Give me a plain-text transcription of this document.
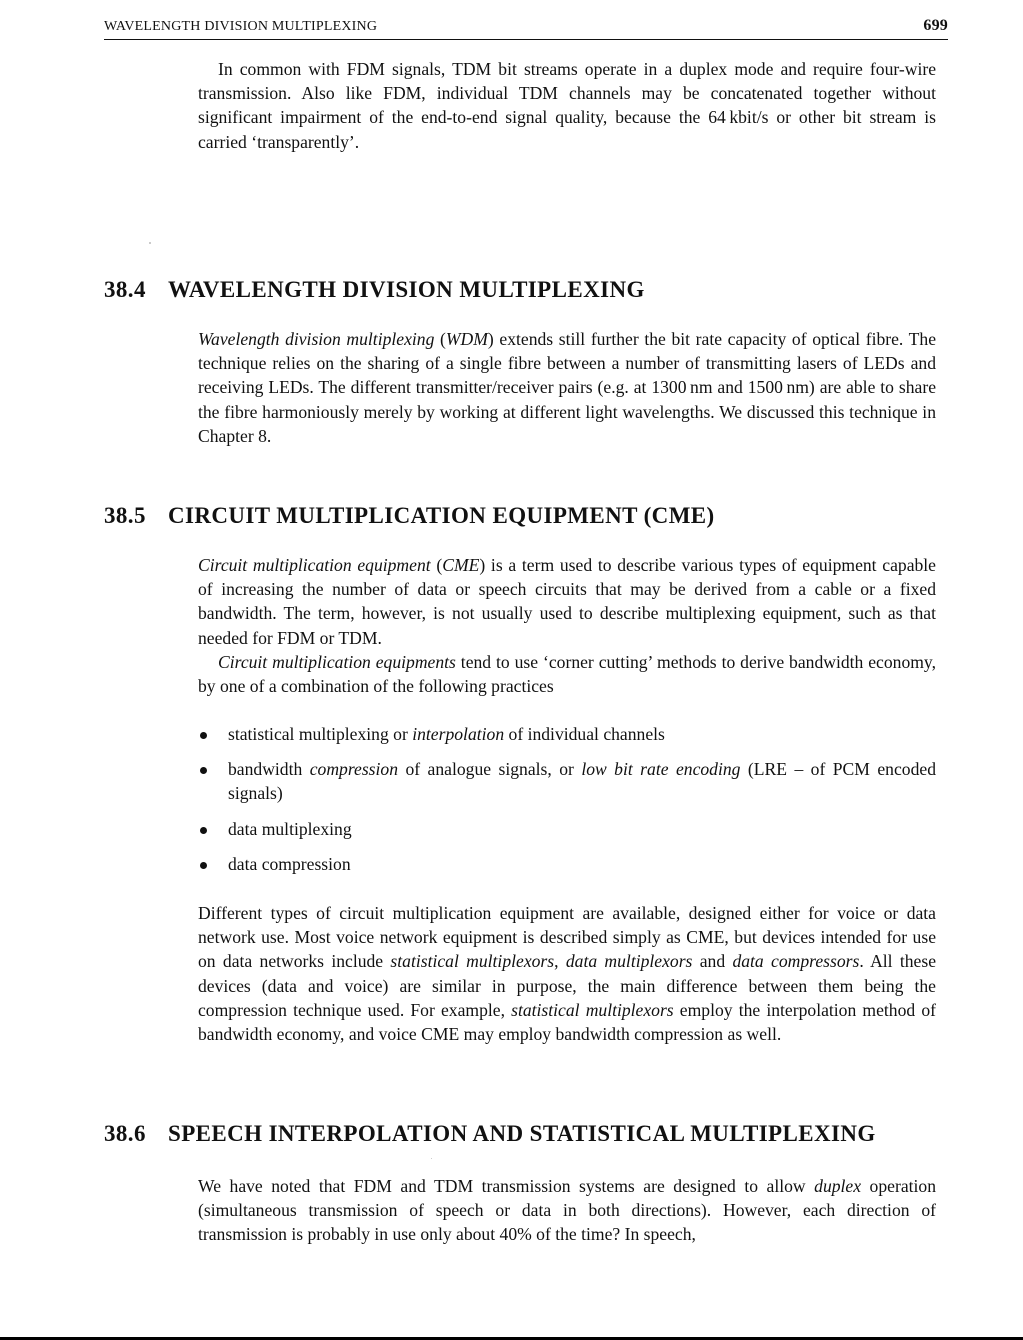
WAVELENGTH DIVISION MULTIPLEXING	699

In common with FDM signals, TDM bit streams operate in a duplex mode and require four-wire transmission. Also like FDM, individual TDM channels may be concatenated together without significant impairment of the end-to-end signal quality, because the 64 kbit/s or other bit stream is carried ‘transparently’.

38.4 WAVELENGTH DIVISION MULTIPLEXING

Wavelength division multiplexing (WDM) extends still further the bit rate capacity of optical fibre. The technique relies on the sharing of a single fibre between a number of transmitting lasers of LEDs and receiving LEDs. The different transmitter/receiver pairs (e.g. at 1300 nm and 1500 nm) are able to share the fibre harmoniously merely by working at different light wavelengths. We discussed this technique in Chapter 8.

38.5 CIRCUIT MULTIPLICATION EQUIPMENT (CME)

Circuit multiplication equipment (CME) is a term used to describe various types of equipment capable of increasing the number of data or speech circuits that may be derived from a cable or a fixed bandwidth. The term, however, is not usually used to describe multiplexing equipment, such as that needed for FDM or TDM.

Circuit multiplication equipments tend to use ‘corner cutting’ methods to derive bandwidth economy, by one of a combination of the following practices

statistical multiplexing or interpolation of individual channels
bandwidth compression of analogue signals, or low bit rate encoding (LRE – of PCM encoded signals)
data multiplexing
data compression

Different types of circuit multiplication equipment are available, designed either for voice or data network use. Most voice network equipment is described simply as CME, but devices intended for use on data networks include statistical multiplexors, data multiplexors and data compressors. All these devices (data and voice) are similar in purpose, the main difference between them being the compression technique used. For example, statistical multiplexors employ the interpolation method of bandwidth economy, and voice CME may employ bandwidth compression as well.

38.6 SPEECH INTERPOLATION AND STATISTICAL MULTIPLEXING

We have noted that FDM and TDM transmission systems are designed to allow duplex operation (simultaneous transmission of speech or data in both directions). However, each direction of transmission is probably in use only about 40% of the time? In speech,
